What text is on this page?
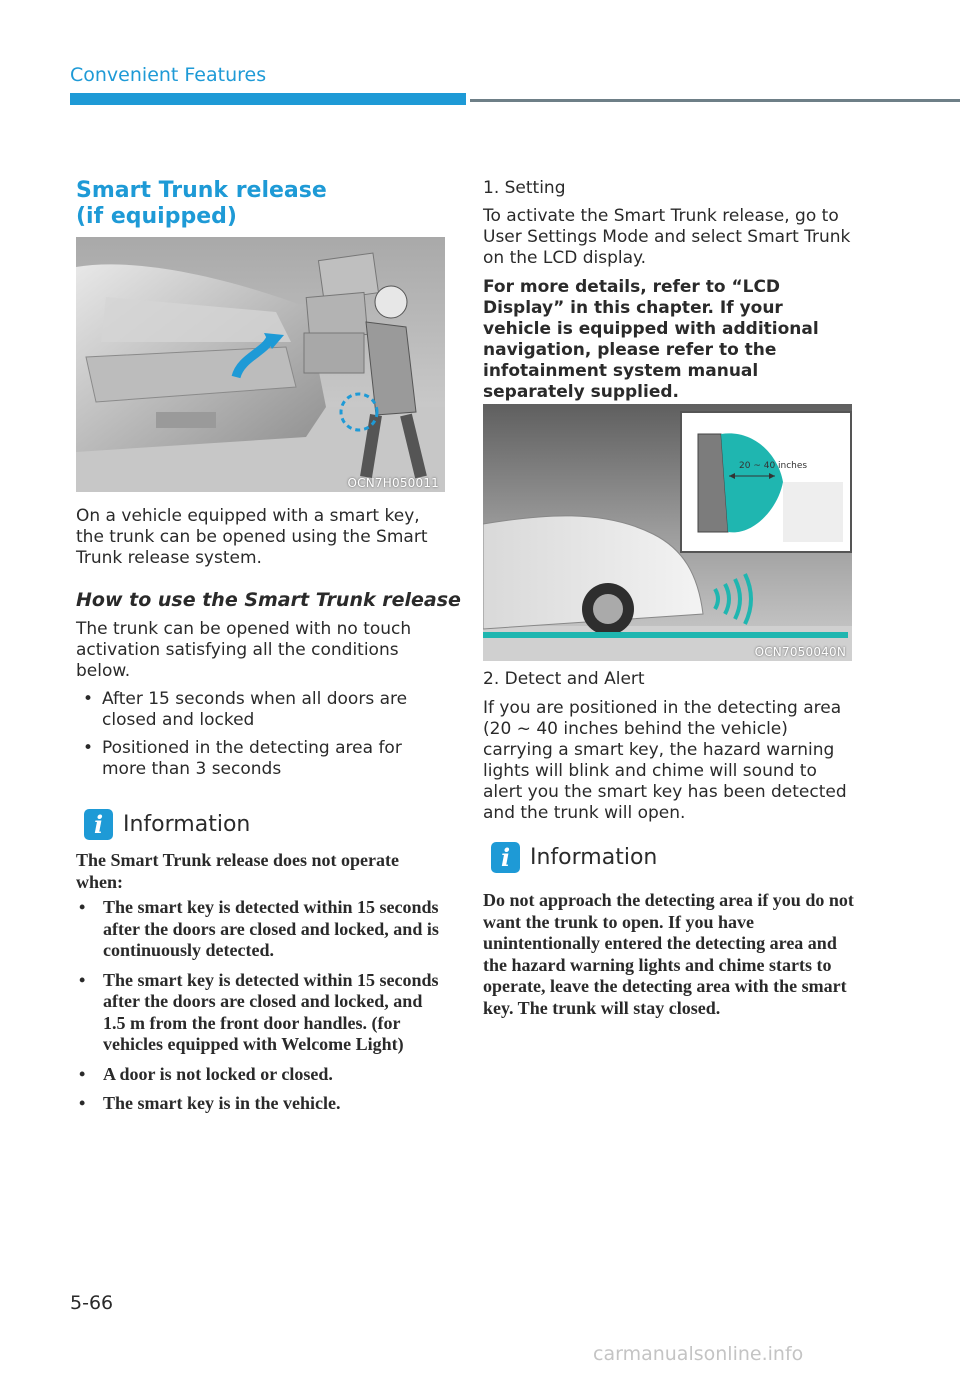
Convenient Features
Smart Trunk release
(if equipped)
OCN7H050011
On a vehicle equipped with a smart key, the trunk can be opened using the Smart Trunk release system.
How to use the Smart Trunk release
The trunk can be opened with no touch activation satisfying all the conditions below.
• After 15 seconds when all doors are closed and locked
• Positioned in the detecting area for more than 3 seconds
i Information
The Smart Trunk release does not operate when:
• The smart key is detected within 15 seconds after the doors are closed and locked, and is continuously detected.
• The smart key is detected within 15 seconds after the doors are closed and locked, and 1.5 m from the front door handles. (for vehicles equipped with Welcome Light)
• A door is not locked or closed.
• The smart key is in the vehicle.
1. Setting
To activate the Smart Trunk release, go to User Settings Mode and select Smart Trunk on the LCD display.
For more details, refer to “LCD Display” in this chapter. If your vehicle is equipped with additional navigation, please refer to the infotainment system manual separately supplied.
20 ~ 40 inches
OCN7050040N
2. Detect and Alert
If you are positioned in the detecting area (20 ~ 40 inches behind the vehicle) carrying a smart key, the hazard warning lights will blink and chime will sound to alert you the smart key has been detected and the trunk will open.
i Information
Do not approach the detecting area if you do not want the trunk to open. If you have unintentionally entered the detecting area and the hazard warning lights and chime starts to operate, leave the detecting area with the smart key. The trunk will stay closed.
5-66
carmanualsonline.info
